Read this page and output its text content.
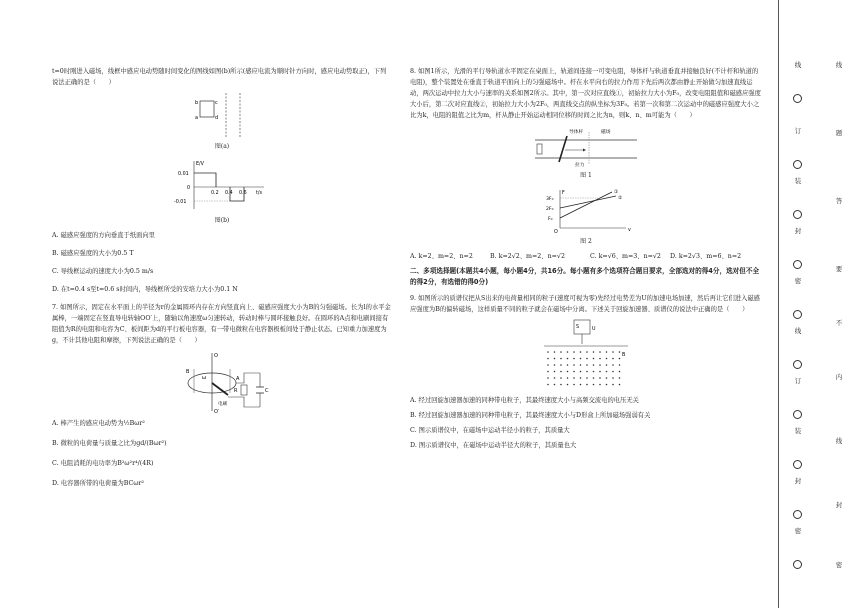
t=0时刚进入磁场，线框中感应电动势随时间变化的图线如图(b)所示(感应电流为顺时针方向时，感应电动势取正)，下列说法正确的是（　　）

b
a
c
d

图(a)

E/V
0.01
0
-0.01
0.2 0.4 0.6 t/s

图(b)

A. 磁感应强度的方向垂直于纸面向里

B. 磁感应强度的大小为0.5 T

C. 导线框运动的速度大小为0.5 m/s

D. 在t=0.4 s至t=0.6 s时间内，导线框所受的安培力大小为0.1 N

7. 如图所示，固定在水平面上的半径为r的金属圆环内存在方向竖直向上、磁感应强度大小为B的匀强磁场。长为l的水平金属棒，一端固定在竖直导电转轴OO′上，随轴以角速度ω匀速转动，转动时棒与圆环接触良好。在圆环的A点和电刷间接有阻值为R的电阻和电容为C、板间距为d的平行板电容器，有一带电微粒在电容器极板间处于静止状态。已知重力加速度为g，不计其他电阻和摩擦，下列说法正确的是（　　）

O
O′
B
ω	A
R	C
电刷

A. 棒产生的感应电动势为½Bωr²

B. 微粒的电荷量与质量之比为gd/(Bωr²)

C. 电阻消耗的电功率为B²ω²r⁴/(4R)

D. 电容器所带的电荷量为BCωr²

8. 如图1所示，光滑的平行导轨道水平固定在桌面上，轨道间连接一可变电阻，导体杆与轨道垂直并接触良好(不计杆和轨道的电阻)，整个装置处在垂直于轨道平面向上的匀强磁场中。杆在水平向右的拉力作用下先后两次都由静止开始做匀加速直线运动，两次运动中拉力大小与速率的关系如图2所示。其中，第一次对应直线①，初始拉力大小为F₀，改变电阻阻值和磁感应强度大小后，第二次对应直线②，初始拉力大小为2F₀，两直线交点的纵坐标为3F₀。若第一次和第二次运动中的磁感应强度大小之比为k，电阻的阻值之比为m，杆从静止开始运动相同位移的时间之比为n，则k、n、m可能为（　　）

导体杆	磁场
拉力

图 1

F
3F₀
2F₀
F₀
O	v
①
②

图 2

A. k=2、m=2、n=2	B. k=2√2、m=2、n=√2	C. k=√6、m=3、n=√2	D. k=2√3、m=6、n=2

二、多项选择题(本题共4小题，每小题4分，共16分。每小题有多个选项符合题目要求，全部选对的得4分，选对但不全的得2分，有选错的得0分)

9. 如图所示的质谱仪把从S出来的电荷量相同的粒子(速度可视为零)先经过电势差为U的加速电场加速，然后再让它们进入磁感应强度为B的偏转磁场，这样质量不同的粒子就会在磁场中分离。下述关于回旋加速器、质谱仪的说法中正确的是（　　）

S	U
B

A. 经过回旋加速器加速的同种带电粒子，其最终速度大小与高频交流电的电压无关

B. 经过回旋加速器加速的同种带电粒子，其最终速度大小与D形盒上所加磁场强弱有关

C. 图示质谱仪中，在磁场中运动半径小的粒子，其质量大

D. 图示质谱仪中，在磁场中运动半径大的粒子，其质量也大

线
订
装
封
密
线
订
装
封
密
线
题
答
要
不
内
线
封
密
